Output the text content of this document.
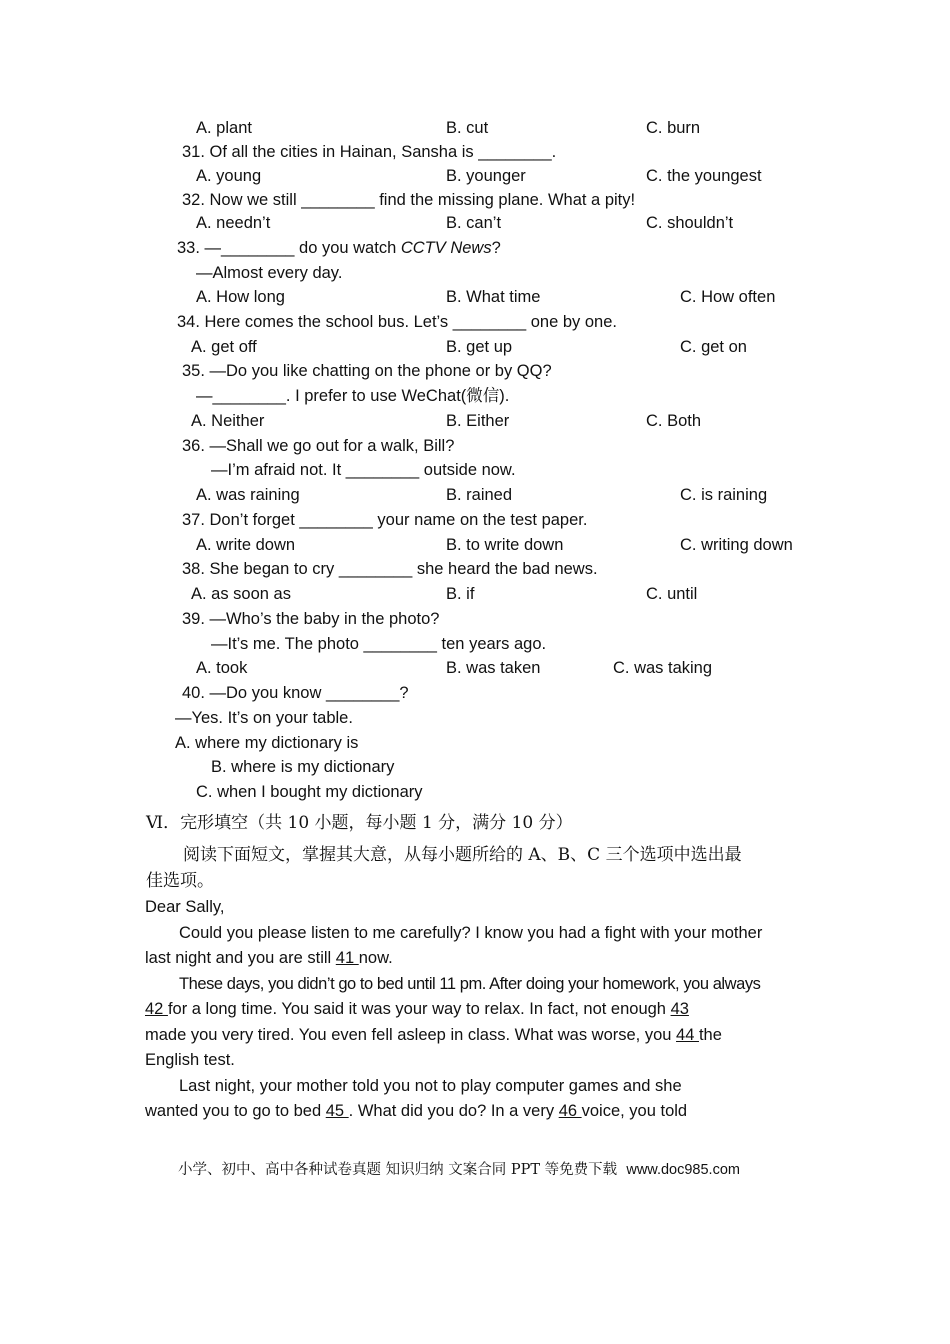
A. plant	B. cut	C. burn
31. Of all the cities in Hainan, Sansha is ________.
A. young	B. younger	C. the youngest
32. Now we still ________ find the missing plane. What a pity!
A. needn’t	B. can’t	C. shouldn’t
33. —________ do you watch CCTV News?
—Almost every day.
A. How long	B. What time	C. How often
34. Here comes the school bus. Let’s ________ one by one.
A. get off	B. get up	C. get on
35. —Do you like chatting on the phone or by QQ?
—________. I prefer to use WeChat(微信).
A. Neither	B. Either	C. Both
36. —Shall we go out for a walk, Bill?
—I’m afraid not. It ________ outside now.
A. was raining	B. rained	C. is raining
37. Don’t forget ________ your name on the test paper.
A. write down	B. to write down	C. writing down
38. She began to cry ________ she heard the bad news.
A. as soon as	B. if	C. until
39. —Who’s the baby in the photo?
—It’s me. The photo ________ ten years ago.
A. took	B. was taken	C. was taking
40. —Do you know ________?
—Yes. It’s on your table.
A. where my dictionary is
B. where is my dictionary
C. when I bought my dictionary
Ⅵ．完形填空（共 10 小题，每小题 1 分，满分 10 分）
阅读下面短文，掌握其大意，从每小题所给的 A、B、C 三个选项中选出最
佳选项。
Dear Sally,
Could you please listen to me carefully? I know you had a fight with your mother
last night and you are still 41 now.
These days, you didn’t go to bed until 11 pm. After doing your homework, you always
42 for a long time. You said it was your way to relax. In fact, not enough 43
made you very tired. You even fell asleep in class. What was worse, you 44 the
English test.
Last night, your mother told you not to play computer games and she
wanted you to go to bed 45 . What did you do? In a very 46 voice, you told
小学、初中、高中各种试卷真题 知识归纳 文案合同 PPT 等免费下载 www.doc985.com
